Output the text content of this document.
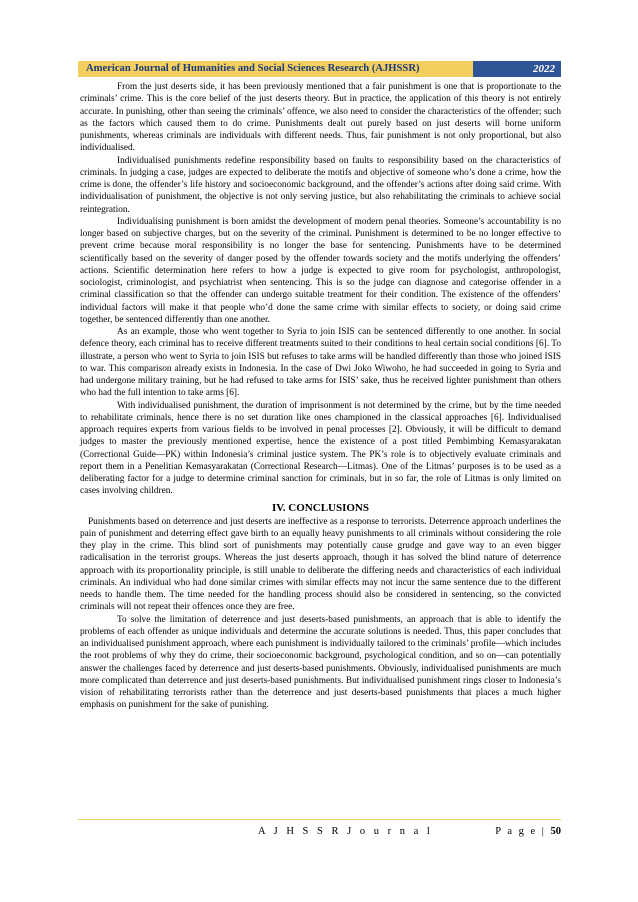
American Journal of Humanities and Social Sciences Research (AJHSSR)	2022

From the just deserts side, it has been previously mentioned that a fair punishment is one that is proportionate to the criminals’ crime. This is the core belief of the just deserts theory. But in practice, the application of this theory is not entirely accurate. In punishing, other than seeing the criminals’ offence, we also need to consider the characteristics of the offender; such as the factors which caused them to do crime. Punishments dealt out purely based on just deserts will borne uniform punishments, whereas criminals are individuals with different needs. Thus, fair punishment is not only proportional, but also individualised.

Individualised punishments redefine responsibility based on faults to responsibility based on the characteristics of criminals. In judging a case, judges are expected to deliberate the motifs and objective of someone who’s done a crime, how the crime is done, the offender’s life history and socioeconomic background, and the offender’s actions after doing said crime. With individualisation of punishment, the objective is not only serving justice, but also rehabilitating the criminals to achieve social reintegration.

Individualising punishment is born amidst the development of modern penal theories. Someone’s accountability is no longer based on subjective charges, but on the severity of the criminal. Punishment is determined to be no longer effective to prevent crime because moral responsibility is no longer the base for sentencing. Punishments have to be determined scientifically based on the severity of danger posed by the offender towards society and the motifs underlying the offenders’ actions. Scientific determination here refers to how a judge is expected to give room for psychologist, anthropologist, sociologist, criminologist, and psychiatrist when sentencing. This is so the judge can diagnose and categorise offender in a criminal classification so that the offender can undergo suitable treatment for their condition. The existence of the offenders’ individual factors will make it that people who’d done the same crime with similar effects to society, or doing said crime together, be sentenced differently than one another.

As an example, those who went together to Syria to join ISIS can be sentenced differently to one another. In social defence theory, each criminal has to receive different treatments suited to their conditions to heal certain social conditions [6]. To illustrate, a person who went to Syria to join ISIS but refuses to take arms will be handled differently than those who joined ISIS to war. This comparison already exists in Indonesia. In the case of Dwi Joko Wiwoho, he had succeeded in going to Syria and had undergone military training, but he had refused to take arms for ISIS’ sake, thus he received lighter punishment than others who had the full intention to take arms [6].

With individualised punishment, the duration of imprisonment is not determined by the crime, but by the time needed to rehabilitate criminals, hence there is no set duration like ones championed in the classical approaches [6]. Individualised approach requires experts from various fields to be involved in penal processes [2]. Obviously, it will be difficult to demand judges to master the previously mentioned expertise, hence the existence of a post titled Pembimbing Kemasyarakatan (Correctional Guide—PK) within Indonesia’s criminal justice system. The PK’s role is to objectively evaluate criminals and report them in a Penelitian Kemasyarakatan (Correctional Research—Litmas). One of the Litmas’ purposes is to be used as a deliberating factor for a judge to determine criminal sanction for criminals, but in so far, the role of Litmas is only limited on cases involving children.

IV. CONCLUSIONS

Punishments based on deterrence and just deserts are ineffective as a response to terrorists. Deterrence approach underlines the pain of punishment and deterring effect gave birth to an equally heavy punishments to all criminals without considering the role they play in the crime. This blind sort of punishments may potentially cause grudge and gave way to an even bigger radicalisation in the terrorist groups. Whereas the just deserts approach, though it has solved the blind nature of deterrence approach with its proportionality principle, is still unable to deliberate the differing needs and characteristics of each individual criminals. An individual who had done similar crimes with similar effects may not incur the same sentence due to the different needs to handle them. The time needed for the handling process should also be considered in sentencing, so the convicted criminals will not repeat their offences once they are free.

To solve the limitation of deterrence and just deserts-based punishments, an approach that is able to identify the problems of each offender as unique individuals and determine the accurate solutions is needed. Thus, this paper concludes that an individualised punishment approach, where each punishment is individually tailored to the criminals’ profile—which includes the root problems of why they do crime, their socioeconomic background, psychological condition, and so on—can potentially answer the challenges faced by deterrence and just deserts-based punishments. Obviously, individualised punishments are much more complicated than deterrence and just deserts-based punishments. But individualised punishment rings closer to Indonesia’s vision of rehabilitating terrorists rather than the deterrence and just deserts-based punishments that places a much higher emphasis on punishment for the sake of punishing.

A J H S S R J o u r n a l	P a g e | 50
